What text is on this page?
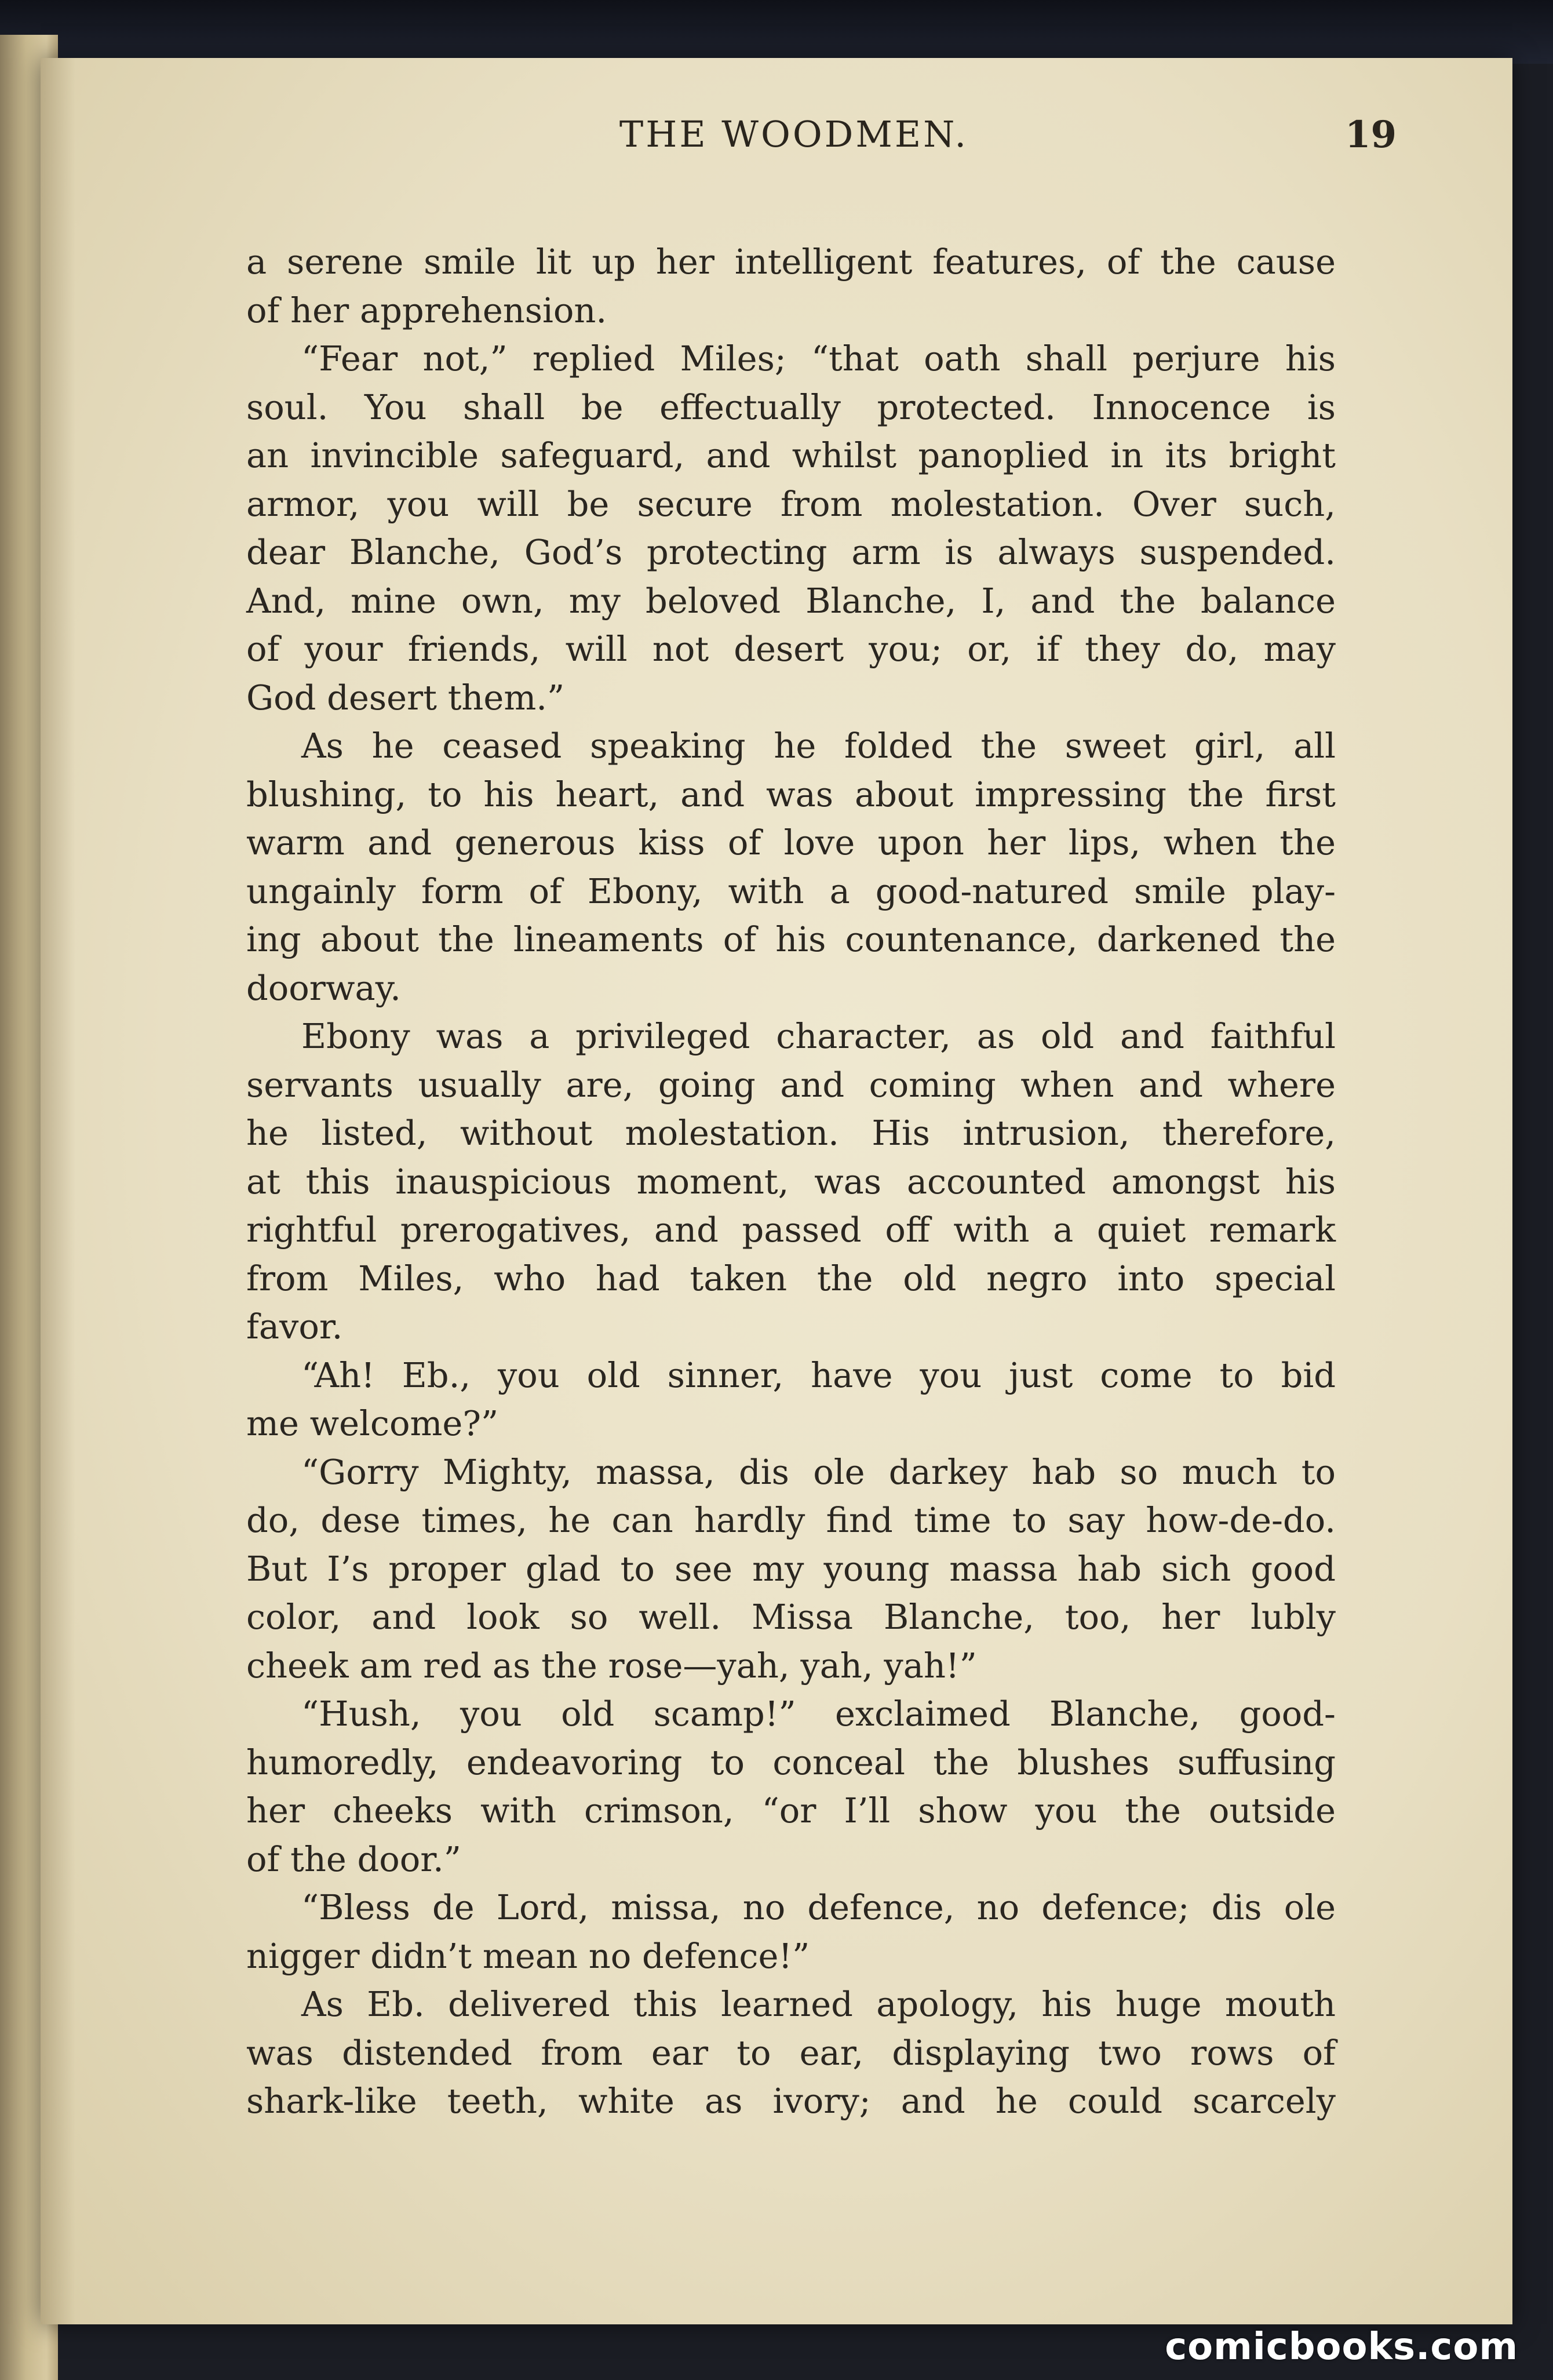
THE WOODMEN.	19

a serene smile lit up her intelligent features, of the cause

of her apprehension.

“Fear not,” replied Miles; “that oath shall perjure his

soul. You shall be effectually protected. Innocence is

an invincible safeguard, and whilst panoplied in its bright

armor, you will be secure from molestation. Over such,

dear Blanche, God’s protecting arm is always suspended.

And, mine own, my beloved Blanche, I, and the balance

of your friends, will not desert you; or, if they do, may

God desert them.”

As he ceased speaking he folded the sweet girl, all

blushing, to his heart, and was about impressing the first

warm and generous kiss of love upon her lips, when the

ungainly form of Ebony, with a good-natured smile play-

ing about the lineaments of his countenance, darkened the

doorway.

Ebony was a privileged character, as old and faithful

servants usually are, going and coming when and where

he listed, without molestation. His intrusion, therefore,

at this inauspicious moment, was accounted amongst his

rightful prerogatives, and passed off with a quiet remark

from Miles, who had taken the old negro into special

favor.

“Ah! Eb., you old sinner, have you just come to bid

me welcome?”

“Gorry Mighty, massa, dis ole darkey hab so much to

do, dese times, he can hardly find time to say how-de-do.

But I’s proper glad to see my young massa hab sich good

color, and look so well. Missa Blanche, too, her lubly

cheek am red as the rose—yah, yah, yah!”

“Hush, you old scamp!” exclaimed Blanche, good-

humoredly, endeavoring to conceal the blushes suffusing

her cheeks with crimson, “or I’ll show you the outside

of the door.”

“Bless de Lord, missa, no defence, no defence; dis ole

nigger didn’t mean no defence!”

As Eb. delivered this learned apology, his huge mouth

was distended from ear to ear, displaying two rows of

shark-like teeth, white as ivory; and he could scarcely

comicbooks.com
